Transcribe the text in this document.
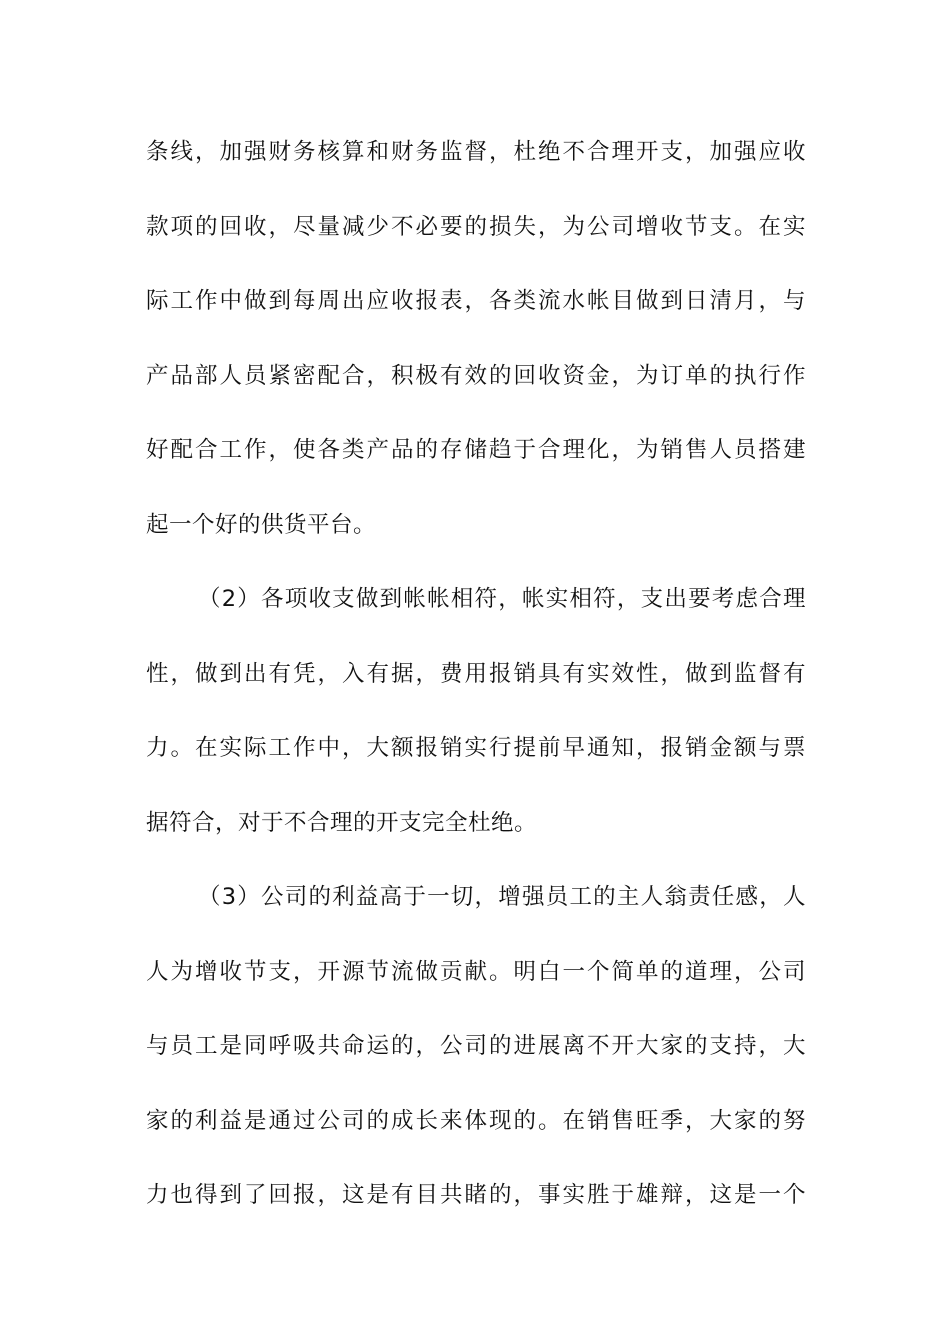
条线，加强财务核算和财务监督，杜绝不合理开支，加强应收
款项的回收，尽量减少不必要的损失，为公司增收节支。在实
际工作中做到每周出应收报表，各类流水帐目做到日清月，与
产品部人员紧密配合，积极有效的回收资金，为订单的执行作
好配合工作，使各类产品的存储趋于合理化，为销售人员搭建
起一个好的供货平台。
（2）各项收支做到帐帐相符，帐实相符，支出要考虑合理
性，做到出有凭，入有据，费用报销具有实效性，做到监督有
力。在实际工作中，大额报销实行提前早通知，报销金额与票
据符合，对于不合理的开支完全杜绝。
（3）公司的利益高于一切，增强员工的主人翁责任感，人
人为增收节支，开源节流做贡献。明白一个简单的道理，公司
与员工是同呼吸共命运的，公司的进展离不开大家的支持，大
家的利益是通过公司的成长来体现的。在销售旺季，大家的努
力也得到了回报，这是有目共睹的，事实胜于雄辩，这是一个
